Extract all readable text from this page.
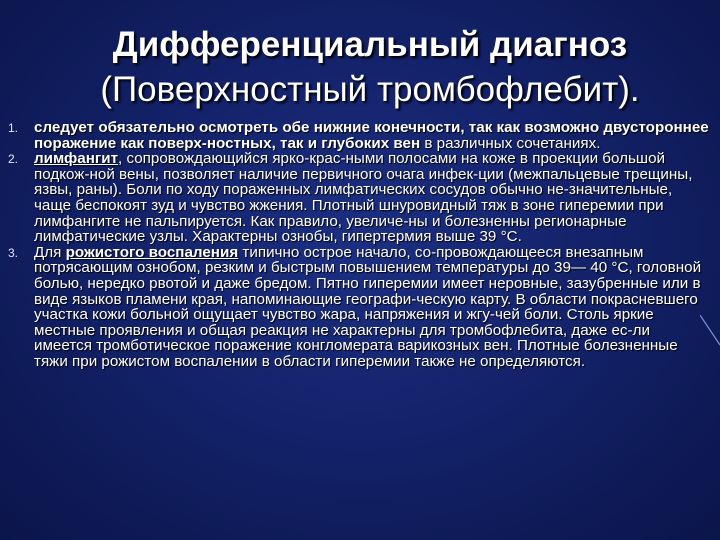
Дифференциальный диагноз
(Поверхностный тромбофлебит).
1. следует обязательно осмотреть обе нижние конечности, так как возможно двустороннее поражение как поверх-ностных, так и глубоких вен в различных сочетаниях.
2. лимфангит, сопровождающийся ярко-крас-ными полосами на коже в проекции большой подкож-ной вены, позволяет наличие первичного очага инфек-ции (межпальцевые трещины, язвы, раны). Боли по ходу пораженных лимфатических сосудов обычно не-значительные, чаще беспокоят зуд и чувство жжения. Плотный шнуровидный тяж в зоне гиперемии при лимфангите не пальпируется. Как правило, увеличе-ны и болезненны регионарные лимфатические узлы. Характерны ознобы, гипертермия выше 39 °С.
3. Для рожистого воспаления типично острое начало, со-провождающееся внезапным потрясающим ознобом, резким и быстрым повышением температуры до 39— 40 °С, головной болью, нередко рвотой и даже бредом. Пятно гиперемии имеет неровные, зазубренные или в виде языков пламени края, напоминающие географи-ческую карту. В области покрасневшего участка кожи больной ощущает чувство жара, напряжения и жгу-чей боли. Столь яркие местные проявления и общая реакция не характерны для тромбофлебита, даже ес-ли имеется тромботическое поражение конгломерата варикозных вен. Плотные болезненные тяжи при рожистом воспалении в области гиперемии также не определяются.
